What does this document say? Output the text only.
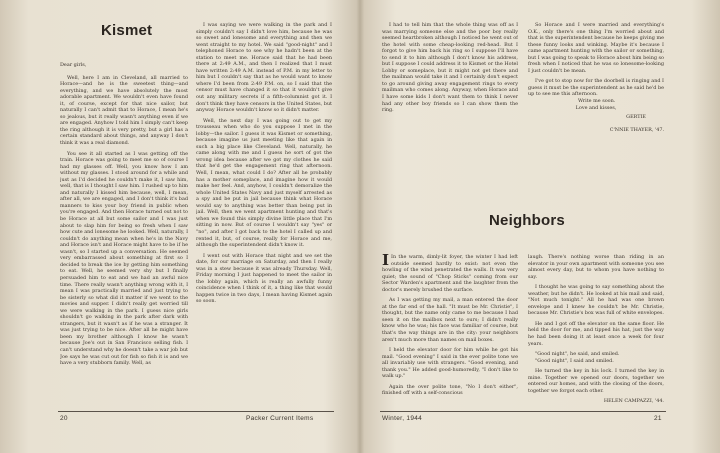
Kismet

Dear girls,

Well, here I am in Cleveland, all married to Horace—and he is the sweetest thing—and everything, and we have absolutely the most adorable apartment. We wouldn't even have found it, of course, except for that nice sailor, but naturally I can't admit that to Horace, I mean he's so jealous, but it really wasn't anything even if we are engaged. Anyhow I told him I simply can't keep the ring although it is very pretty, but a girl has a certain standard about things, and anyway I don't think it was a real diamond.

You see it all started as I was getting off the train. Horace was going to meet me so of course I had my glasses off. Well, you know how I am without my glasses. I stood around for a while and just as I'd decided he couldn't make it, I saw him, well, that is I thought I saw him. I rushed up to him and naturally I kissed him because, well, I mean, after all, we are engaged, and I don't think it's bad manners to kiss your boy friend in public when you're engaged. And then Horace turned out not to be Horace at all but some sailor and I was just about to slap him for being so fresh when I saw how cute and lonesome he looked. Well, naturally, I couldn't do anything mean when he's in the Navy and Horace isn't and Horace might have to be if he wasn't, so I started up a conversation. He seemed very embarrassed about something at first so I decided to break the ice by getting him something to eat. Well, he seemed very shy but I finally persuaded him to eat and we had an awful nice time. There really wasn't anything wrong with it, I mean I was practically married and just trying to be sisterly so what did it matter if we went to the movies and supper. I didn't really get worried till we were walking in the park. I guess nice girls shouldn't go walking in the park after dark with strangers, but it wasn't as if he was a stranger. It was just trying to be nice. After all he might have been my brother although I know he wasn't because Joe's out in San Francisco selling fish. I can't understand why he doesn't take a war job but Joe says he was cut out for fish so fish it is and we have a very stubborn family. Well, as

I was saying we were walking in the park and I simply couldn't say I didn't love him, because he was so sweet and lonesome and everything and then we went straight to my hotel. We said "good-night" and I telephoned Horace to see why he hadn't been at the station to meet me. Horace said that he had been there at 2:49 A.M., and then I realized that I must have written 2:49 A.M. instead of P.M. in my letter to him but I couldn't say that as he would want to know where I'd been from 2:49 P.M. on, so I said that the censor must have changed it so that it wouldn't give out any military secrets if a fifth-columnist got it. I don't think they have censors in the United States, but anyway Horace wouldn't know so it didn't matter.

Well, the next day I was going out to get my trousseau when who do you suppose I met in the lobby—the sailor. I guess it was Kismet or something, because imagine us just meeting like that again in such a big place like Cleveland. Well, naturally, he came along with me and I guess he sort of got the wrong idea because after we got my clothes he said that he'd get the engagement ring that afternoon. Well, I mean, what could I do? After all he probably has a mother someplace, and imagine how it would make her feel. And, anyhow, I couldn't demoralize the whole United States Navy and just myself arrested as a spy and be put in jail because think what Horace would say to anything was better than being put in jail. Well, then we went apartment hunting and that's when we found this simply divine little place that I'm sitting in now. But of course I wouldn't say "yes" or "no", and after I got back to the hotel I called up and rented it, but, of course, really for Horace and me, although the superintendent didn't know it.

I went out with Horace that night and we set the date, for our marriage on Saturday, and then I really was in a stew because it was already Thursday. Well, Friday morning I just happened to meet the sailor in the lobby again, which is really an awfully funny coincidence when I think of it, a thing like that would happen twice in two days, I mean having Kismet again so soon.

20	Packer Current Items

I had to tell him that the whole thing was off as I was marrying someone else and the poor boy really seemed heartbroken although I noticed he went out of the hotel with some cheap-looking red-head. But I forgot to give him back his ring so I suppose I'll have to send it to him although I don't know his address, but I suppose I could address it to Kismet or the Hotel Lobby or someplace, but it might not get there and the mailman would take it and I certainly don't expect to go around giving away engagement rings to every mailman who comes along. Anyway, when Horace and I have some kids I don't want them to think I never had any other boy friends so I can show them the ring.

So Horace and I were married and everything's O.K., only there's one thing I'm worried about and that is the superintendent because he keeps giving me these funny looks and winking. Maybe it's because I came apartment hunting with the sailor or something, but I was going to speak to Horace about him being so fresh when I noticed that he was so lonesome-looking I just couldn't be mean.

I've got to stop now for the doorbell is ringing and I guess it must be the superintendent as he said he'd be up to see me this afternoon.

Write me soon.

Love and kisses,

GERTIE

C'NNIE THAYER, '47.

Neighbors

I In the warm, dimly-lit foyer, the winter I had left outside seemed hardly to exist: not even the howling of the wind penetrated the walls. It was very quiet; the sound of "Chop Sticks" coming from our Sector Warden's apartment and the laughter from the doctor's merely brushed the surface.

As I was getting my mail, a man entered the door at the far end of the hall. "It must be Mr. Christie", I thought, but the name only came to me because I had seen it on the mailbox next to ours; I didn't really know who he was; his face was familiar of course, but that's the way things are in the city: your neighbors aren't much more than names on mail boxes.

I held the elevator door for him while he got his mail. "Good evening" I said in the ever polite tone we all invariably use with strangers. "Good evening, and thank you." He added good-humoredly, "I don't like to walk up."

Again the over polite tone, "No I don't either", finished off with a self-conscious

laugh. There's nothing worse than riding in an elevator in your own apartment with someone you see almost every day, but to whom you have nothing to say.

I thought he was going to say something about the weather, but he didn't. He looked at his mail and said, "Not much tonight." All he had was one brown envelope and I knew he couldn't be Mr. Christie, because Mr. Christie's box was full of white envelopes.

He and I got off the elevator on the same floor. He held the door for me, and tipped his hat, just the way he had been doing it at least once a week for four years.

"Good night", he said, and smiled.

"Good night", I said and smiled.

He turned the key in his lock. I turned the key in mine. Together we opened our doors, together we entered our homes, and with the closing of the doors, together we forgot each other.

HELEN CAMPAZZI, '44.

Winter, 1944	21
